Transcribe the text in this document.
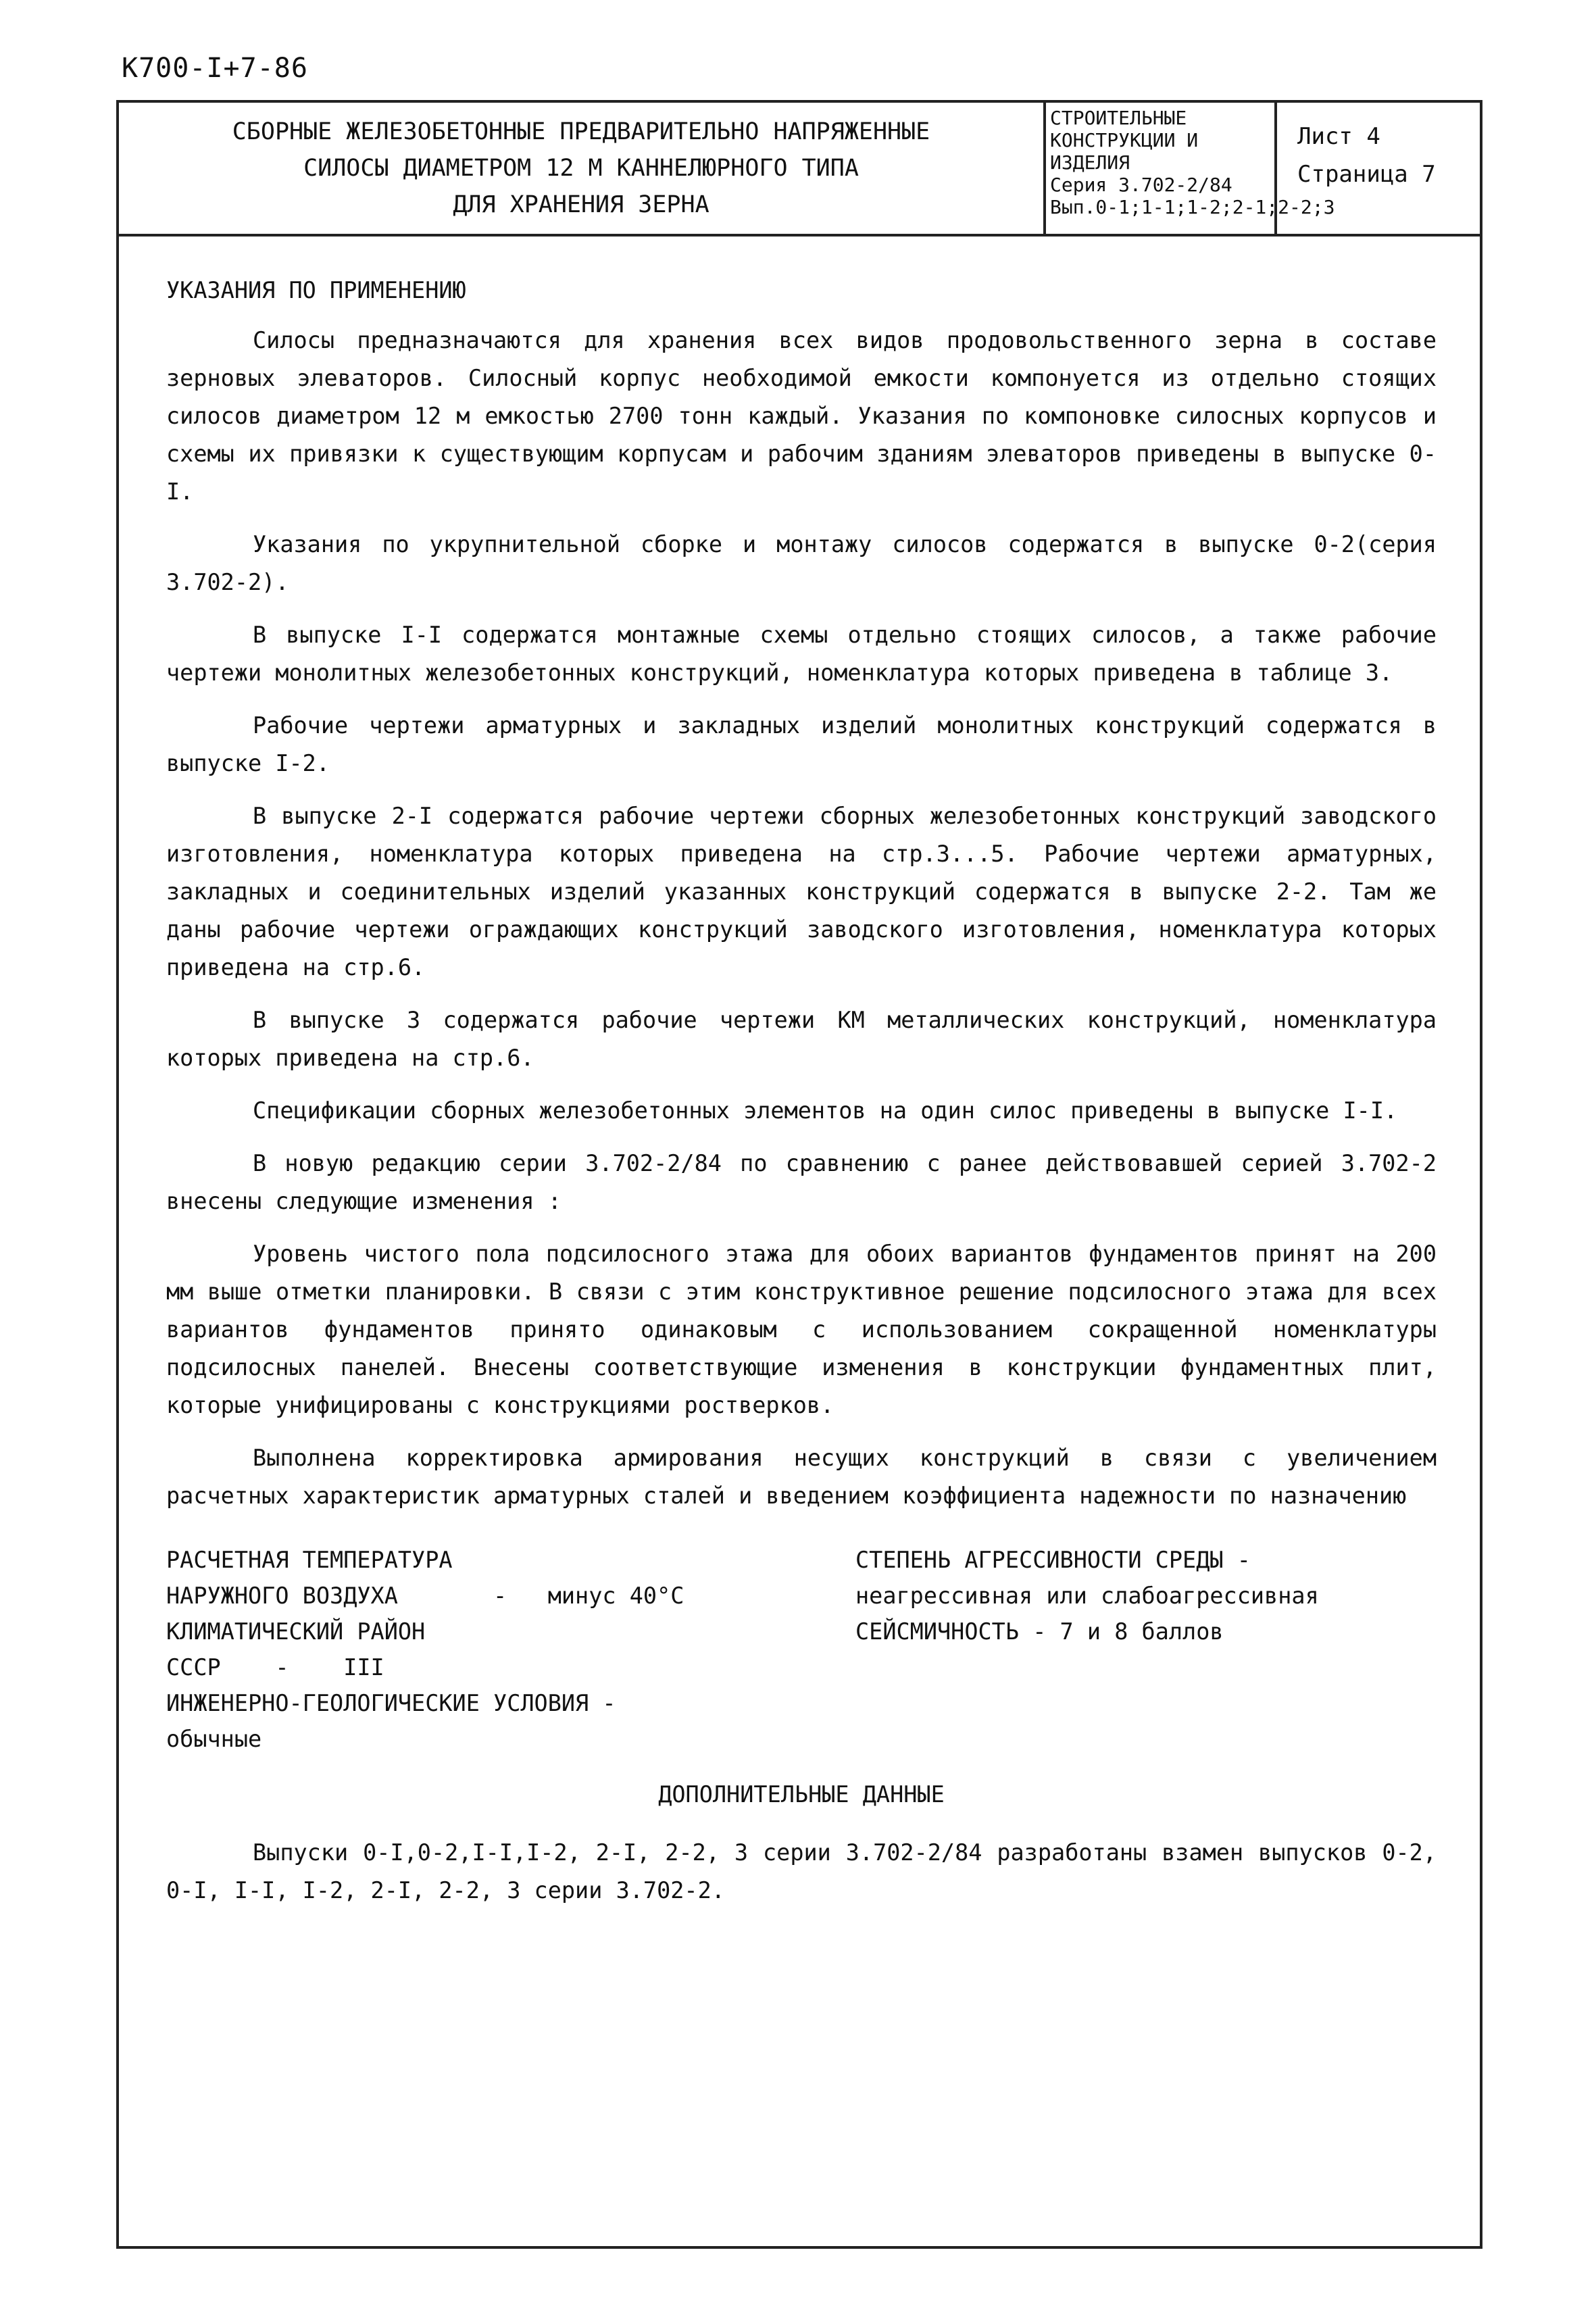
К700-I+7-86
СБОРНЫЕ ЖЕЛЕЗОБЕТОННЫЕ ПРЕДВАРИТЕЛЬНО НАПРЯЖЕННЫЕ
СИЛОСЫ ДИАМЕТРОМ 12 М КАННЕЛЮРНОГО ТИПА
ДЛЯ ХРАНЕНИЯ ЗЕРНА
СТРОИТЕЛЬНЫЕ
КОНСТРУКЦИИ И
ИЗДЕЛИЯ
Серия 3.702-2/84
Вып.0-1;1-1;1-2;2-1;2-2;3
Лист 4
Страница 7
УКАЗАНИЯ ПО ПРИМЕНЕНИЮ

Силосы предназначаются для хранения всех видов продовольственного зерна в составе зерновых элеваторов. Силосный корпус необходимой емкости компонуется из отдельно стоящих силосов диаметром 12 м емкостью 2700 тонн каждый. Указания по компоновке силосных корпусов и схемы их привязки к существующим корпусам и рабочим зданиям элеваторов приведены в выпуске 0-I.

Указания по укрупнительной сборке и монтажу силосов содержатся в выпуске 0-2(серия 3.702-2).

В выпуске I-I содержатся монтажные схемы отдельно стоящих силосов, а также рабочие чертежи монолитных железобетонных конструкций, номенклатура которых приведена в таблице 3.

Рабочие чертежи арматурных и закладных изделий монолитных конструкций содержатся в выпуске I-2.

В выпуске 2-I содержатся рабочие чертежи сборных железобетонных конструкций заводского изготовления, номенклатура которых приведена на стр.3...5. Рабочие чертежи арматурных, закладных и соединительных изделий указанных конструкций содержатся в выпуске 2-2. Там же даны рабочие чертежи ограждающих конструкций заводского изготовления, номенклатура которых приведена на стр.6.

В выпуске 3 содержатся рабочие чертежи КМ металлических конструкций, номенклатура которых приведена на стр.6.

Спецификации сборных железобетонных элементов на один силос приведены в выпуске I-I.

В новую редакцию серии 3.702-2/84 по сравнению с ранее действовавшей серией 3.702-2 внесены следующие изменения :

Уровень чистого пола подсилосного этажа для обоих вариантов фундаментов принят на 200 мм выше отметки планировки. В связи с этим конструктивное решение подсилосного этажа для всех вариантов фундаментов принято одинаковым с использованием сокращенной номенклатуры подсилосных панелей. Внесены соответствующие изменения в конструкции фундаментных плит, которые унифицированы с конструкциями ростверков.

Выполнена корректировка армирования несущих конструкций в связи с увеличением расчетных характеристик арматурных сталей и введением коэффициента надежности по назначению

РАСЧЕТНАЯ ТЕМПЕРАТУРА
НАРУЖНОГО ВОЗДУХА       -   минус 40°С
КЛИМАТИЧЕСКИЙ РАЙОН
СССР    -    III
ИНЖЕНЕРНО-ГЕОЛОГИЧЕСКИЕ УСЛОВИЯ -
обычные
СТЕПЕНЬ АГРЕССИВНОСТИ СРЕДЫ -
неагрессивная или слабоагрессивная
СЕЙСМИЧНОСТЬ - 7 и 8 баллов
ДОПОЛНИТЕЛЬНЫЕ ДАННЫЕ

Выпуски 0-I,0-2,I-I,I-2, 2-I, 2-2, 3 серии 3.702-2/84 разработаны взамен выпусков 0-2, 0-I, I-I, I-2, 2-I, 2-2, 3 серии 3.702-2.
